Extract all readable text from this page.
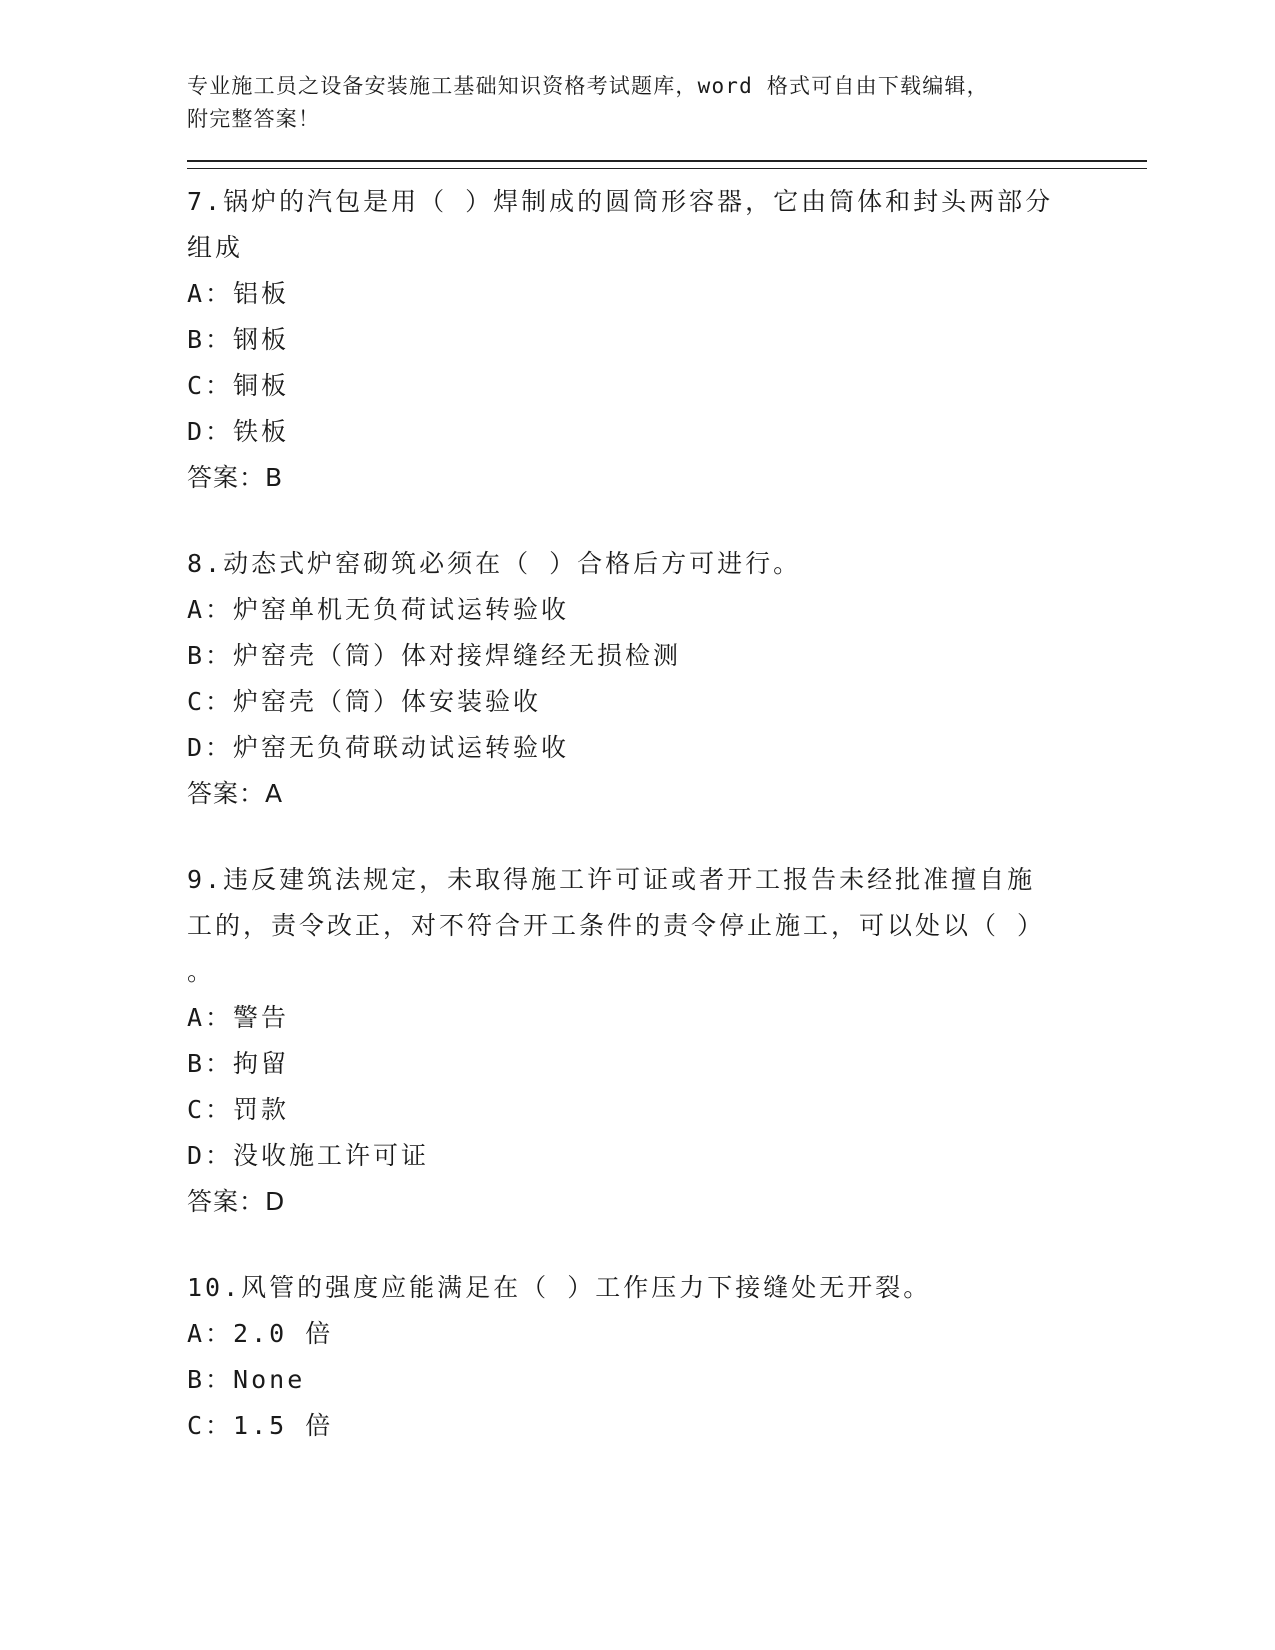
专业施工员之设备安装施工基础知识资格考试题库，word 格式可自由下载编辑，
附完整答案！
7.锅炉的汽包是用（ ）焊制成的圆筒形容器，它由筒体和封头两部分
组成
A：铝板
B：钢板
C：铜板
D：铁板
答案：B
8.动态式炉窑砌筑必须在（ ）合格后方可进行。
A：炉窑单机无负荷试运转验收
B：炉窑壳（筒）体对接焊缝经无损检测
C：炉窑壳（筒）体安装验收
D：炉窑无负荷联动试运转验收
答案：A
9.违反建筑法规定，未取得施工许可证或者开工报告未经批准擅自施
工的，责令改正，对不符合开工条件的责令停止施工，可以处以（ ）
。
A：警告
B：拘留
C：罚款
D：没收施工许可证
答案：D
10.风管的强度应能满足在（ ）工作压力下接缝处无开裂。
A：2.0 倍
B：None
C：1.5 倍
